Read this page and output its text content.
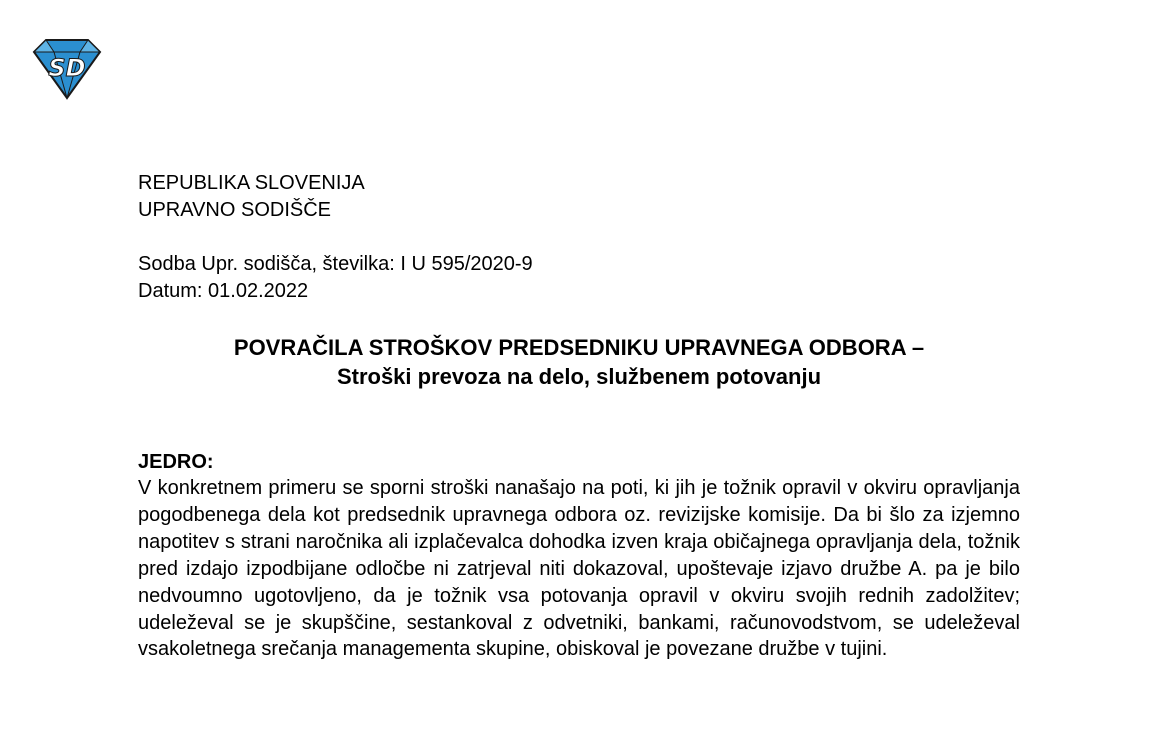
SD
REPUBLIKA SLOVENIJA
UPRAVNO SODIŠČE
Sodba Upr. sodišča, številka: I U 595/2020-9
Datum: 01.02.2022
POVRAČILA STROŠKOV PREDSEDNIKU UPRAVNEGA ODBORA –
Stroški prevoza na delo, službenem potovanju
JEDRO:
V konkretnem primeru se sporni stroški nanašajo na poti, ki jih je tožnik opravil v okviru opravljanja pogodbenega dela kot predsednik upravnega odbora oz. revizijske komisije. Da bi šlo za izjemno napotitev s strani naročnika ali izplačevalca dohodka izven kraja običajnega opravljanja dela, tožnik pred izdajo izpodbijane odločbe ni zatrjeval niti dokazoval, upoštevaje izjavo družbe A. pa je bilo nedvoumno ugotovljeno, da je tožnik vsa potovanja opravil v okviru svojih rednih zadolžitev; udeleževal se je skupščine, sestankoval z odvetniki, bankami, računovodstvom, se udeleževal vsakoletnega srečanja managementa skupine, obiskoval je povezane družbe v tujini.
